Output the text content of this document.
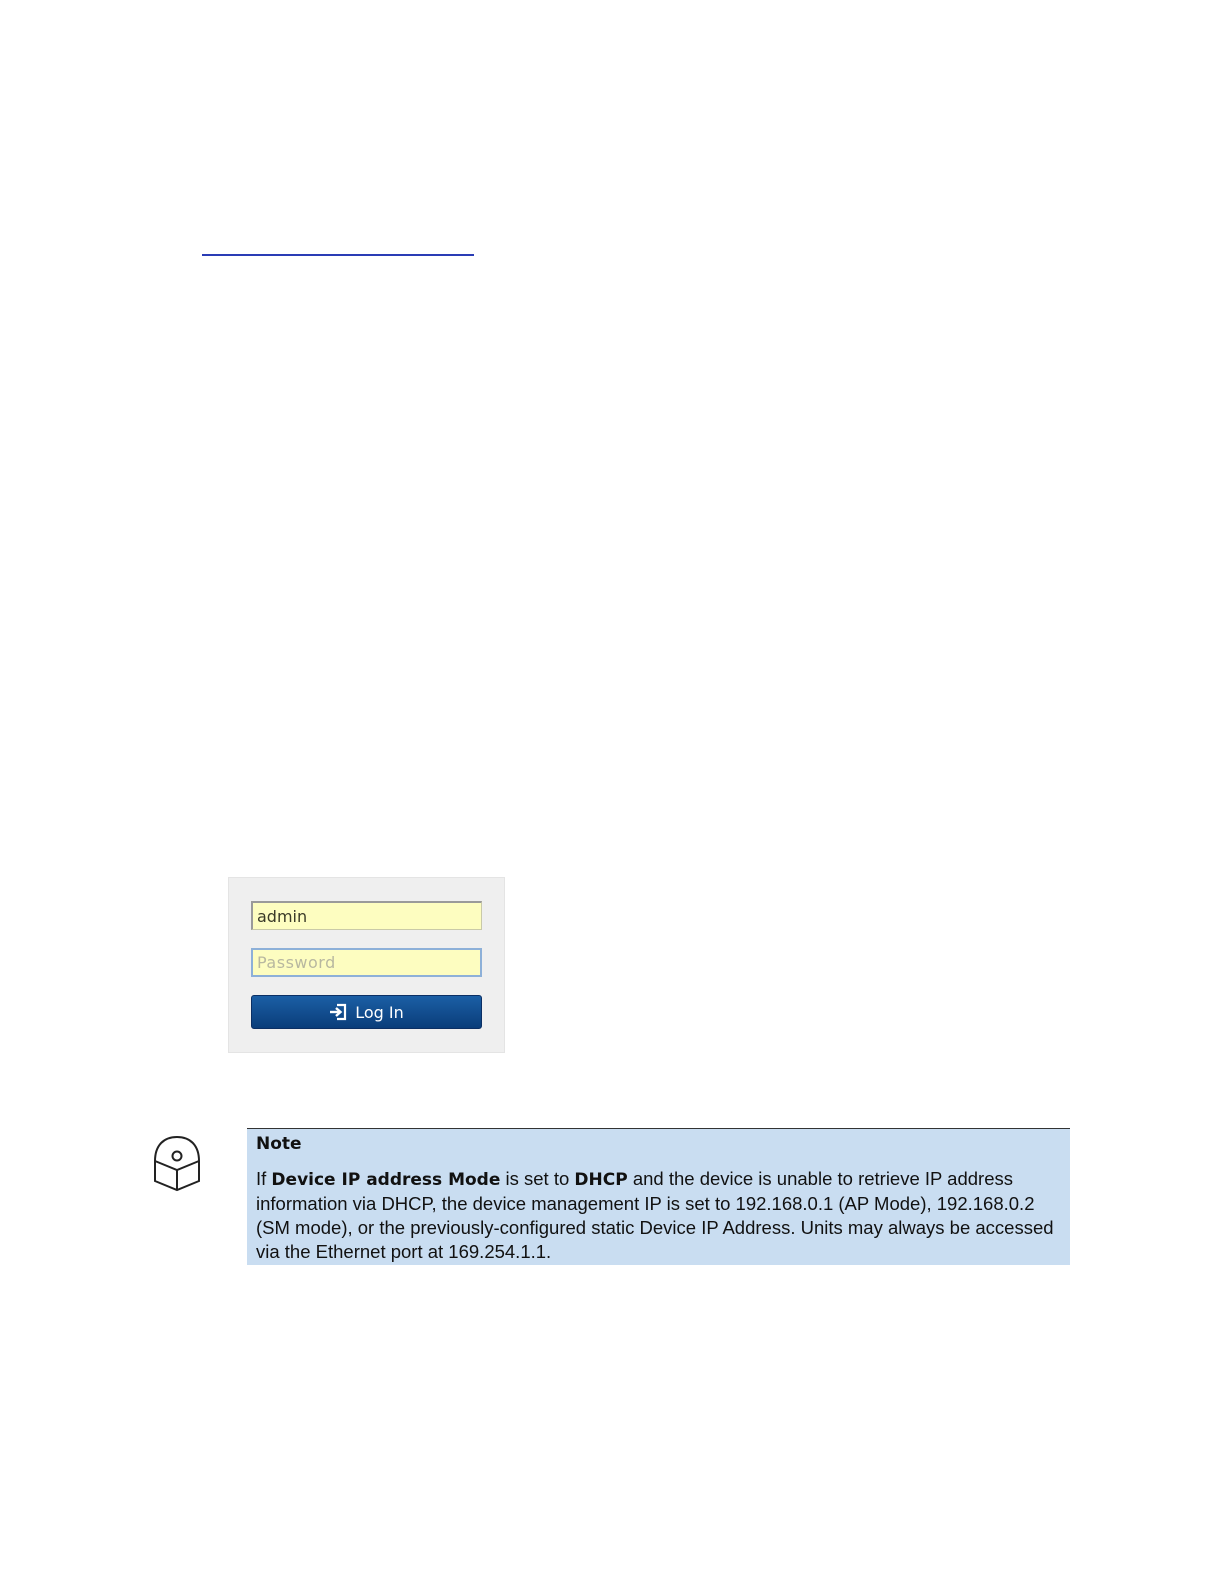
admin
Log In
Note

If Device IP address Mode is set to DHCP and the device is unable to retrieve IP address information via DHCP, the device management IP is set to 192.168.0.1 (AP Mode), 192.168.0.2 (SM mode), or the previously-configured static Device IP Address. Units may always be accessed via the Ethernet port at 169.254.1.1.
